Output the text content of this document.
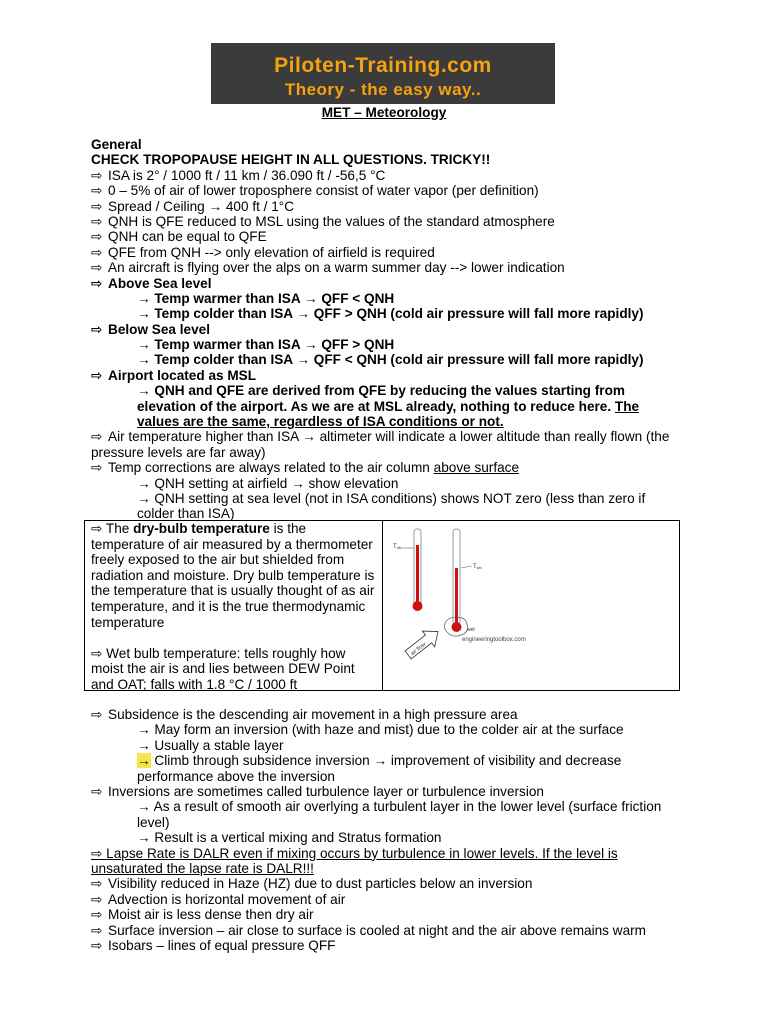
Piloten-Training.com
Theory - the easy way..
MET – Meteorology
General
CHECK TROPOPAUSE HEIGHT IN ALL QUESTIONS. TRICKY!!
⇨ ISA is 2° / 1000 ft / 11 km / 36.090 ft / -56,5 °C
⇨ 0 – 5% of air of lower troposphere consist of water vapor (per definition)
⇨ Spread / Ceiling → 400 ft / 1°C
⇨ QNH is QFE reduced to MSL using the values of the standard atmosphere
⇨ QNH can be equal to QFE
⇨ QFE from QNH --> only elevation of airfield is required
⇨ An aircraft is flying over the alps on a warm summer day --> lower indication
⇨ Above Sea level
→ Temp warmer than ISA → QFF < QNH
→ Temp colder than ISA → QFF > QNH (cold air pressure will fall more rapidly)
⇨ Below Sea level
→ Temp warmer than ISA → QFF > QNH
→ Temp colder than ISA → QFF < QNH (cold air pressure will fall more rapidly)
⇨ Airport located as MSL
→ QNH and QFE are derived from QFE by reducing the values starting from elevation of the airport. As we are at MSL already, nothing to reduce here. The values are the same, regardless of ISA conditions or not.
⇨ Air temperature higher than ISA → altimeter will indicate a lower altitude than really flown (the pressure levels are far away)
⇨ Temp corrections are always related to the air column above surface
→ QNH setting at airfield → show elevation
→ QNH setting at sea level (not in ISA conditions) shows NOT zero (less than zero if colder than ISA)
⇨ The dry-bulb temperature is the temperature of air measured by a thermometer freely exposed to the air but shielded from radiation and moisture. Dry bulb temperature is the temperature that is usually thought of as air temperature, and it is the true thermodynamic temperature
⇨ Wet bulb temperature: tells roughly how moist the air is and lies between DEW Point and OAT; falls with 1.8 °C / 1000 ft
Tdb
Twb
wet
air flow
engineeringtoolbox.com
⇨ Subsidence is the descending air movement in a high pressure area
→ May form an inversion (with haze and mist) due to the colder air at the surface
→ Usually a stable layer
→ Climb through subsidence inversion → improvement of visibility and decrease performance above the inversion
⇨ Inversions are sometimes called turbulence layer or turbulence inversion
→ As a result of smooth air overlying a turbulent layer in the lower level (surface friction level)
→ Result is a vertical mixing and Stratus formation
⇨ Lapse Rate is DALR even if mixing occurs by turbulence in lower levels. If the level is unsaturated the lapse rate is DALR!!!
⇨ Visibility reduced in Haze (HZ) due to dust particles below an inversion
⇨ Advection is horizontal movement of air
⇨ Moist air is less dense then dry air
⇨ Surface inversion – air close to surface is cooled at night and the air above remains warm
⇨ Isobars – lines of equal pressure QFF
